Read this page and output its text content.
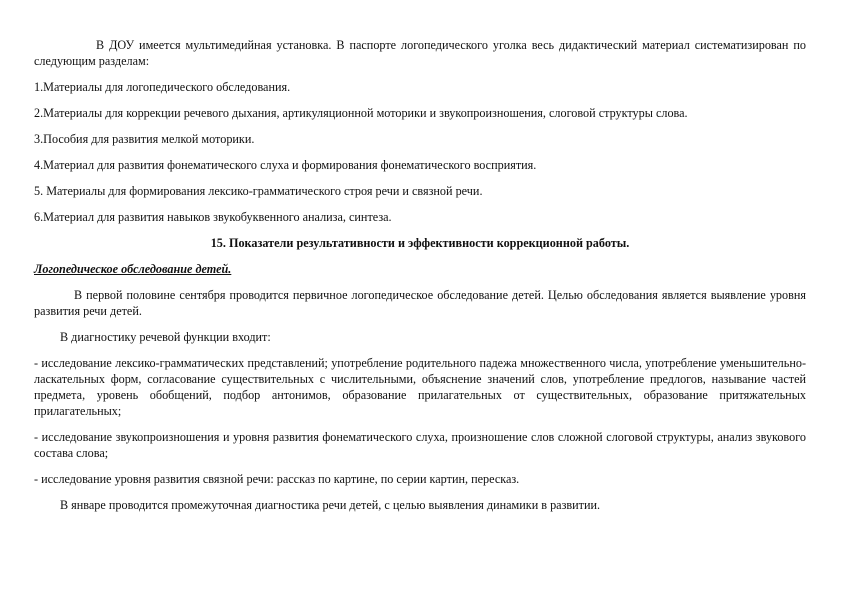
В ДОУ имеется мультимедийная установка. В паспорте логопедического уголка весь дидактический материал систематизирован по следующим разделам:

1.Материалы для логопедического обследования.

2.Материалы для коррекции речевого дыхания, артикуляционной моторики и звукопроизношения, слоговой структуры слова.

3.Пособия для развития мелкой моторики.

4.Материал для развития фонематического слуха и формирования фонематического восприятия.

5. Материалы для формирования лексико-грамматического строя речи и связной речи.

6.Материал для развития навыков звукобуквенного анализа, синтеза.

15. Показатели результативности и эффективности коррекционной работы.

Логопедическое обследование детей.

В первой половине сентября проводится первичное логопедическое обследование детей. Целью обследования является выявление уровня развития речи детей.

В диагностику речевой функции входит:

- исследование лексико-грамматических представлений; употребление родительного падежа множественного числа, употребление уменьшительно-ласкательных форм, согласование существительных с числительными, объяснение значений слов, употребление предлогов, называние частей предмета, уровень обобщений, подбор антонимов, образование прилагательных от существительных, образование притяжательных прилагательных;

- исследование звукопроизношения и уровня развития фонематического слуха, произношение слов сложной слоговой структуры, анализ звукового состава слова;

- исследование уровня развития связной речи: рассказ по картине, по серии картин, пересказ.

В январе проводится промежуточная диагностика речи детей, с целью выявления динамики в развитии.
